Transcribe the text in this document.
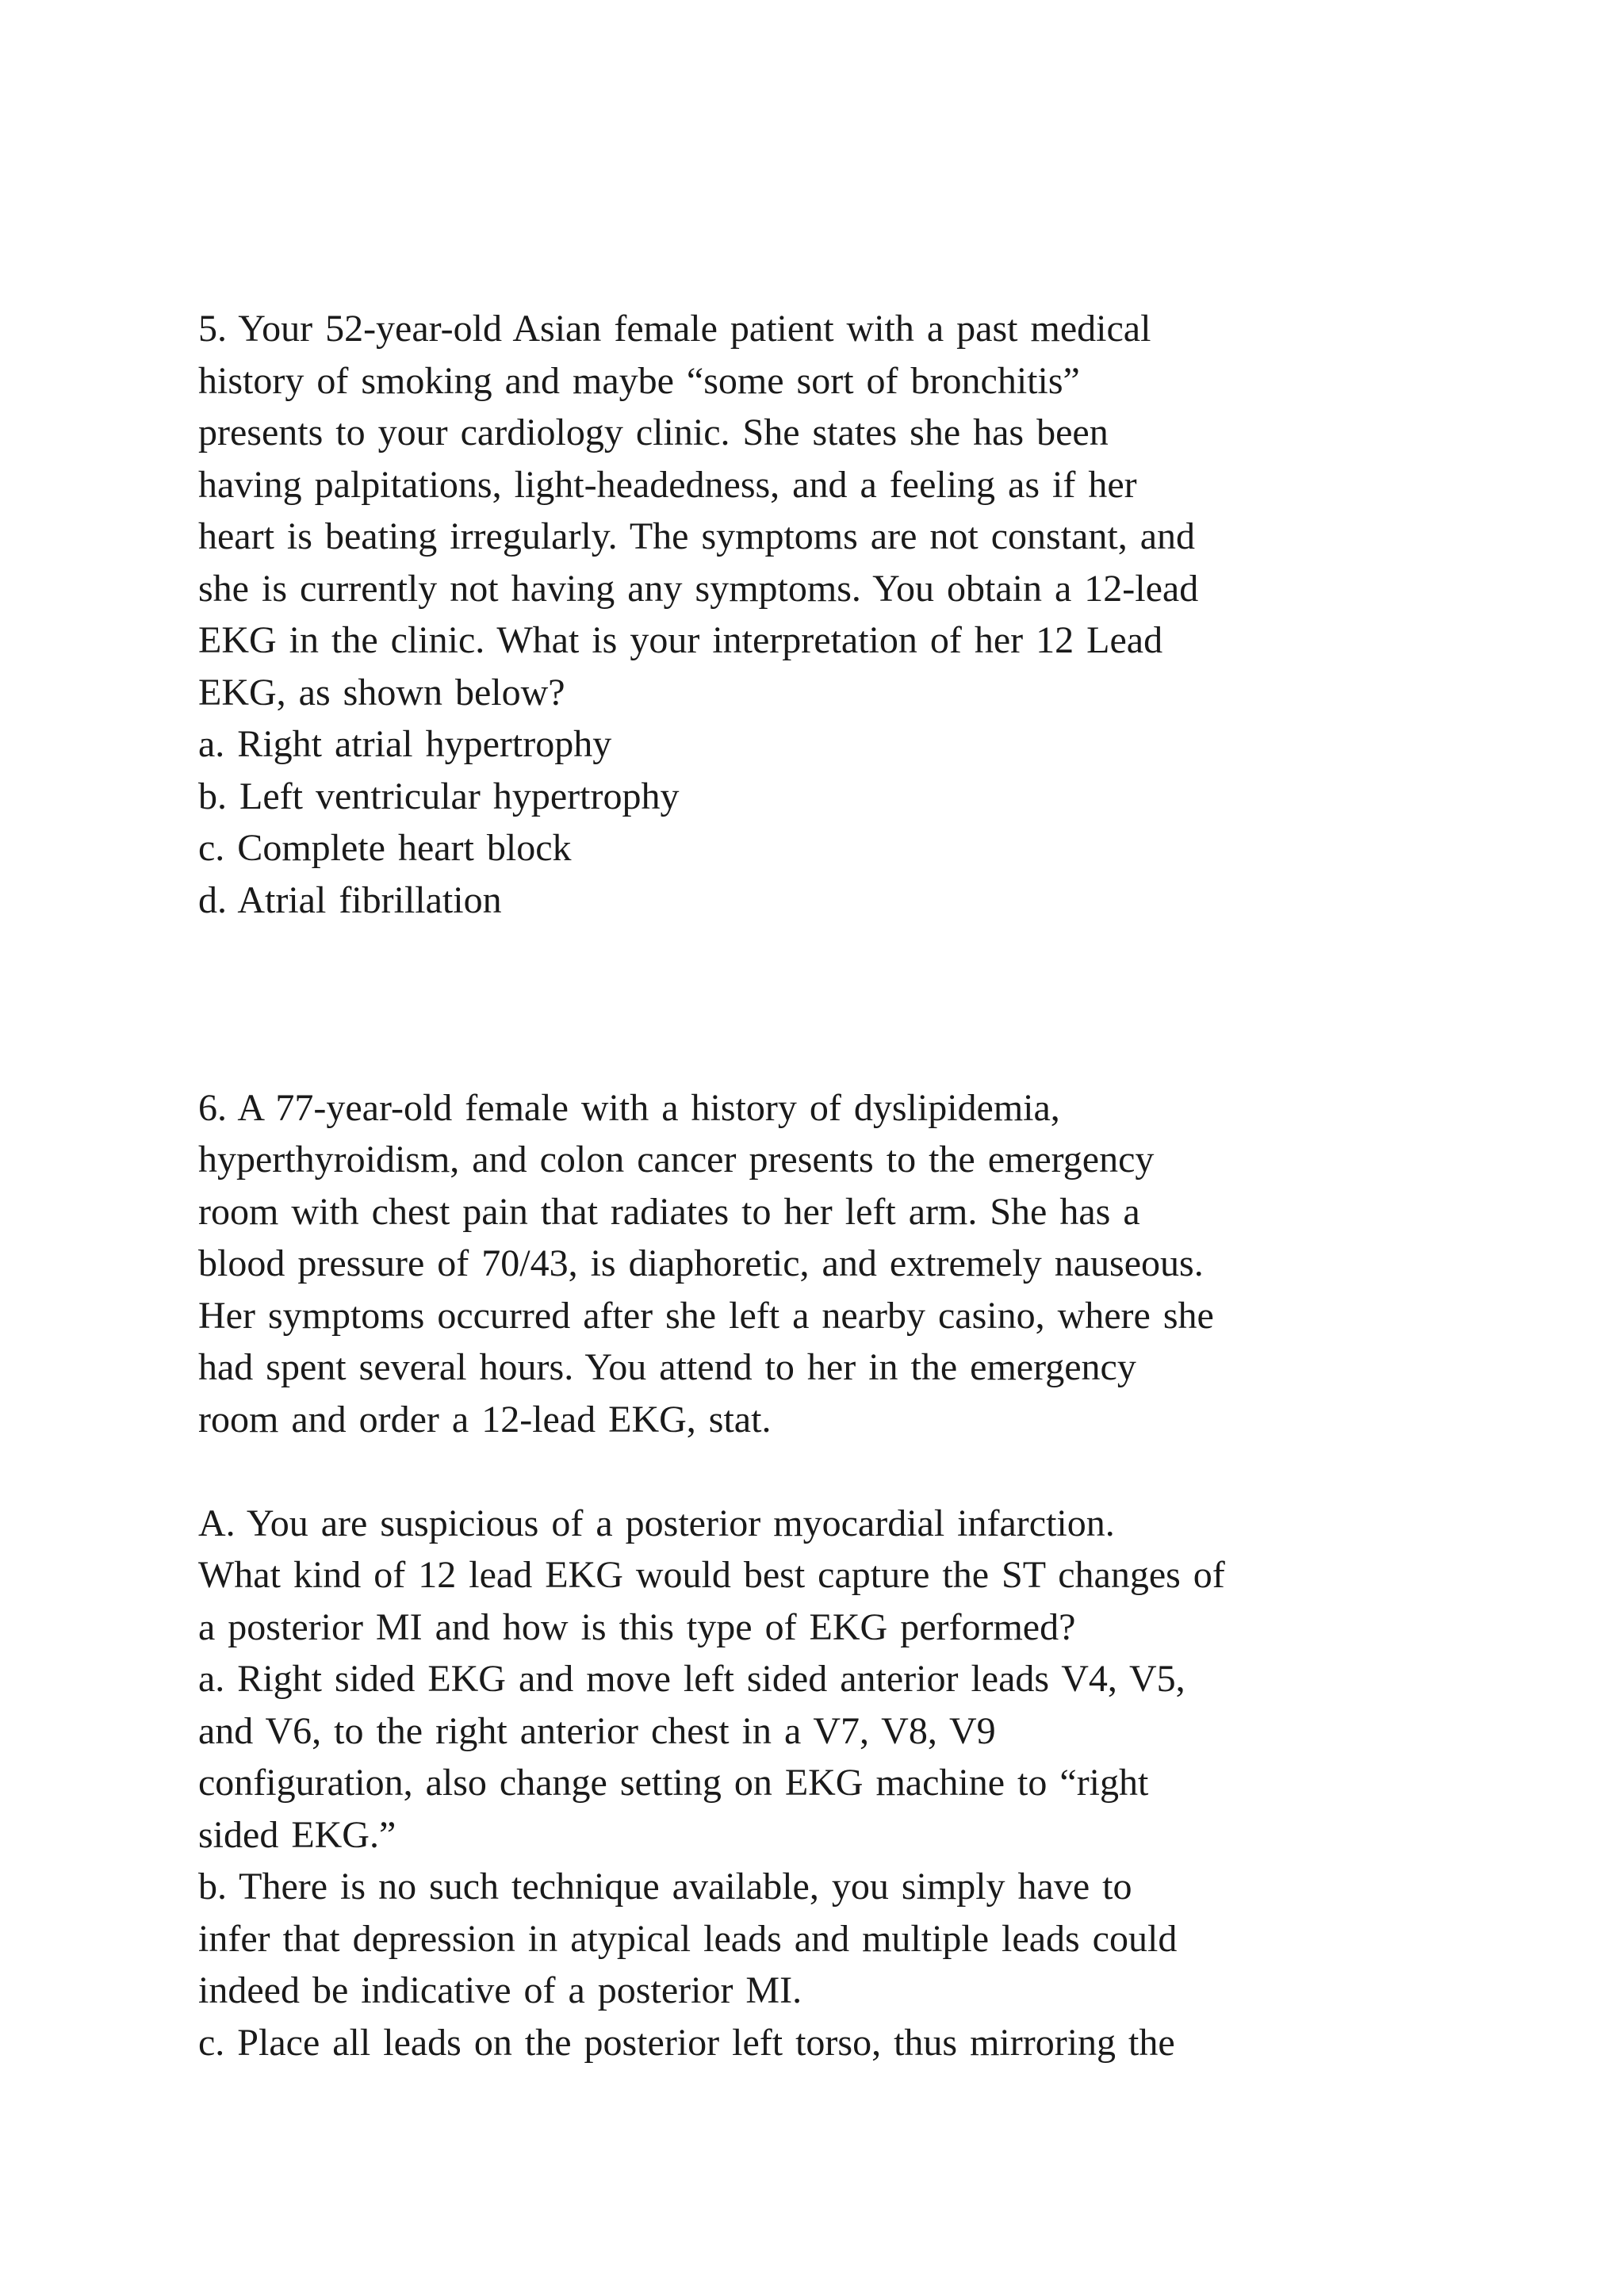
5. Your 52-year-old Asian female patient with a past medical
history of smoking and maybe “some sort of bronchitis”
presents to your cardiology clinic. She states she has been
having palpitations, light-headedness, and a feeling as if her
heart is beating irregularly. The symptoms are not constant, and
she is currently not having any symptoms. You obtain a 12-lead
EKG in the clinic. What is your interpretation of her 12 Lead
EKG, as shown below?
a. Right atrial hypertrophy
b. Left ventricular hypertrophy
c. Complete heart block
d. Atrial fibrillation
6. A 77-year-old female with a history of dyslipidemia,
hyperthyroidism, and colon cancer presents to the emergency
room with chest pain that radiates to her left arm. She has a
blood pressure of 70/43, is diaphoretic, and extremely nauseous.
Her symptoms occurred after she left a nearby casino, where she
had spent several hours. You attend to her in the emergency
room and order a 12-lead EKG, stat.
A. You are suspicious of a posterior myocardial infarction.
What kind of 12 lead EKG would best capture the ST changes of
a posterior MI and how is this type of EKG performed?
a. Right sided EKG and move left sided anterior leads V4, V5,
and V6, to the right anterior chest in a V7, V8, V9
configuration, also change setting on EKG machine to “right
sided EKG.”
b. There is no such technique available, you simply have to
infer that depression in atypical leads and multiple leads could
indeed be indicative of a posterior MI.
c. Place all leads on the posterior left torso, thus mirroring the
